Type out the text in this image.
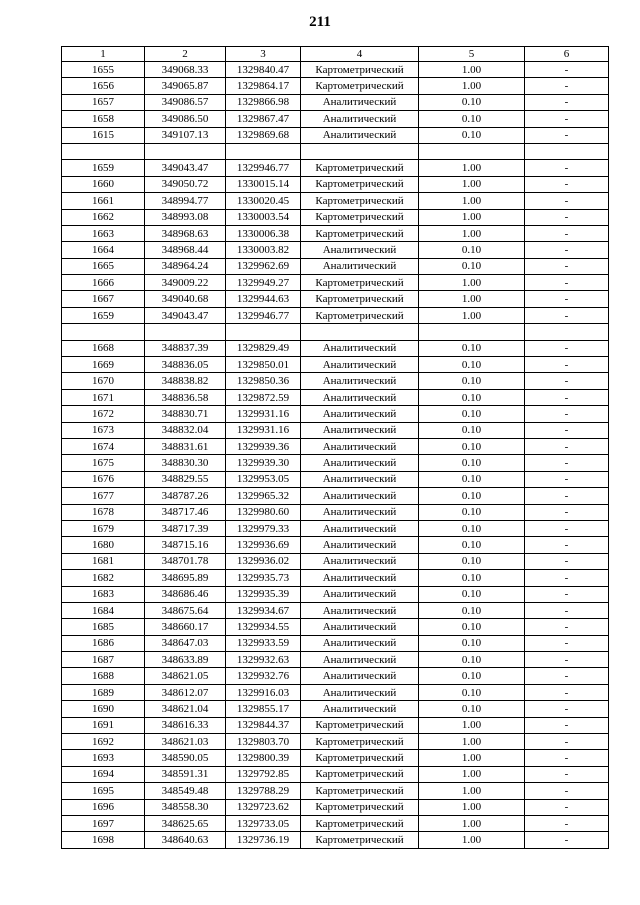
211
1	2	3	4	5	6
1655	349068.33	1329840.47	Картометрический	1.00	-
1656	349065.87	1329864.17	Картометрический	1.00	-
1657	349086.57	1329866.98	Аналитический	0.10	-
1658	349086.50	1329867.47	Аналитический	0.10	-
1615	349107.13	1329869.68	Аналитический	0.10	-

1659	349043.47	1329946.77	Картометрический	1.00	-
1660	349050.72	1330015.14	Картометрический	1.00	-
1661	348994.77	1330020.45	Картометрический	1.00	-
1662	348993.08	1330003.54	Картометрический	1.00	-
1663	348968.63	1330006.38	Картометрический	1.00	-
1664	348968.44	1330003.82	Аналитический	0.10	-
1665	348964.24	1329962.69	Аналитический	0.10	-
1666	349009.22	1329949.27	Картометрический	1.00	-
1667	349040.68	1329944.63	Картометрический	1.00	-
1659	349043.47	1329946.77	Картометрический	1.00	-

1668	348837.39	1329829.49	Аналитический	0.10	-
1669	348836.05	1329850.01	Аналитический	0.10	-
1670	348838.82	1329850.36	Аналитический	0.10	-
1671	348836.58	1329872.59	Аналитический	0.10	-
1672	348830.71	1329931.16	Аналитический	0.10	-
1673	348832.04	1329931.16	Аналитический	0.10	-
1674	348831.61	1329939.36	Аналитический	0.10	-
1675	348830.30	1329939.30	Аналитический	0.10	-
1676	348829.55	1329953.05	Аналитический	0.10	-
1677	348787.26	1329965.32	Аналитический	0.10	-
1678	348717.46	1329980.60	Аналитический	0.10	-
1679	348717.39	1329979.33	Аналитический	0.10	-
1680	348715.16	1329936.69	Аналитический	0.10	-
1681	348701.78	1329936.02	Аналитический	0.10	-
1682	348695.89	1329935.73	Аналитический	0.10	-
1683	348686.46	1329935.39	Аналитический	0.10	-
1684	348675.64	1329934.67	Аналитический	0.10	-
1685	348660.17	1329934.55	Аналитический	0.10	-
1686	348647.03	1329933.59	Аналитический	0.10	-
1687	348633.89	1329932.63	Аналитический	0.10	-
1688	348621.05	1329932.76	Аналитический	0.10	-
1689	348612.07	1329916.03	Аналитический	0.10	-
1690	348621.04	1329855.17	Аналитический	0.10	-
1691	348616.33	1329844.37	Картометрический	1.00	-
1692	348621.03	1329803.70	Картометрический	1.00	-
1693	348590.05	1329800.39	Картометрический	1.00	-
1694	348591.31	1329792.85	Картометрический	1.00	-
1695	348549.48	1329788.29	Картометрический	1.00	-
1696	348558.30	1329723.62	Картометрический	1.00	-
1697	348625.65	1329733.05	Картометрический	1.00	-
1698	348640.63	1329736.19	Картометрический	1.00	-
